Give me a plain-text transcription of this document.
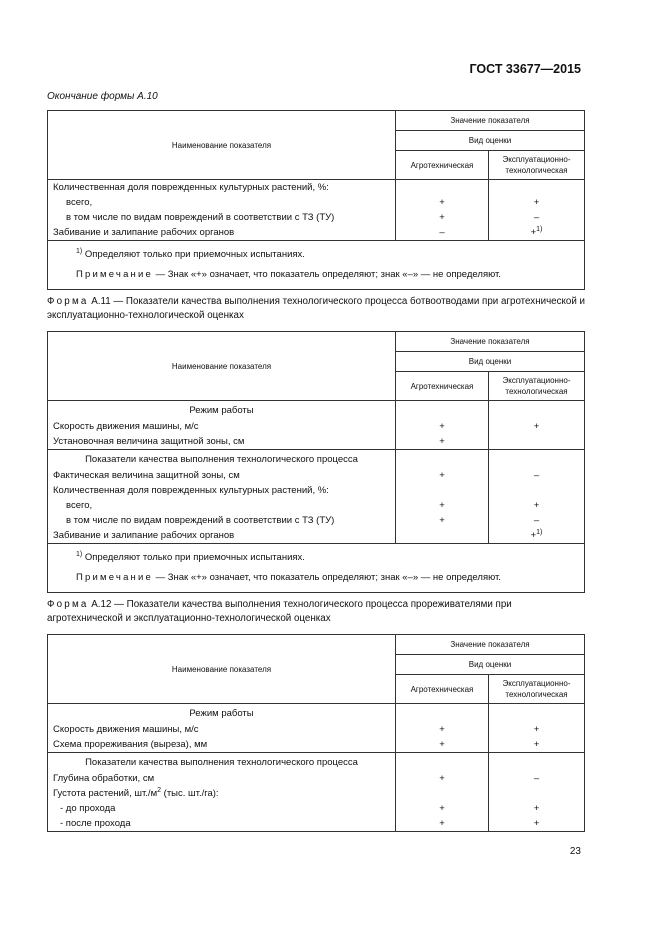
ГОСТ 33677—2015
Окончание формы А.10
Наименование показателя	Значение показателя	
	Вид оценки	
	Агротехническая	Эксплуатационно-
технологическая
Количественная доля поврежденных культурных растений, %:		
всего,	+	+
в том числе по видам повреждений в соответствии с ТЗ (ТУ)	+	–
Забивание и залипание рабочих органов	–	+$^{1)}$

$^{1)}$ Определяют только при приемочных испытаниях.
Примечание — Знак «+» означает, что показатель определяют; знак «–» — не определяют.		
Форма А.11 — Показатели качества выполнения технологического процесса ботвоотводами при агротехнической и эксплуатационно-технологической оценках
Наименование показателя	Значение показателя	
	Вид оценки	
	Агротехническая	Эксплуатационно-
технологическая
Режим работы		
Скорость движения машины, м/с	+	+
Установочная величина защитной зоны, см	+	
Показатели качества выполнения технологического процесса		
Фактическая величина защитной зоны, см	+	–
Количественная доля поврежденных культурных растений, %:		
всего,	+	+
в том числе по видам повреждений в соответствии с ТЗ (ТУ)	+	–
Забивание и залипание рабочих органов		+$^{1)}$

$^{1)}$ Определяют только при приемочных испытаниях.
Примечание — Знак «+» означает, что показатель определяют; знак «–» — не определяют.		
Форма А.12 — Показатели качества выполнения технологического процесса прореживателями при агротехнической и эксплуатационно-технологической оценках
Наименование показателя	Значение показателя	
	Вид оценки	
	Агротехническая	Эксплуатационно-
технологическая
Режим работы		
Скорость движения машины, м/с	+	+
Схема прореживания (выреза), мм	+	+
Показатели качества выполнения технологического процесса		
Глубина обработки, см	+	–
Густота растений, $шт./м^2$ (тыс. шт./га):		
- до прохода	+	+
- после прохода	+	+
23
